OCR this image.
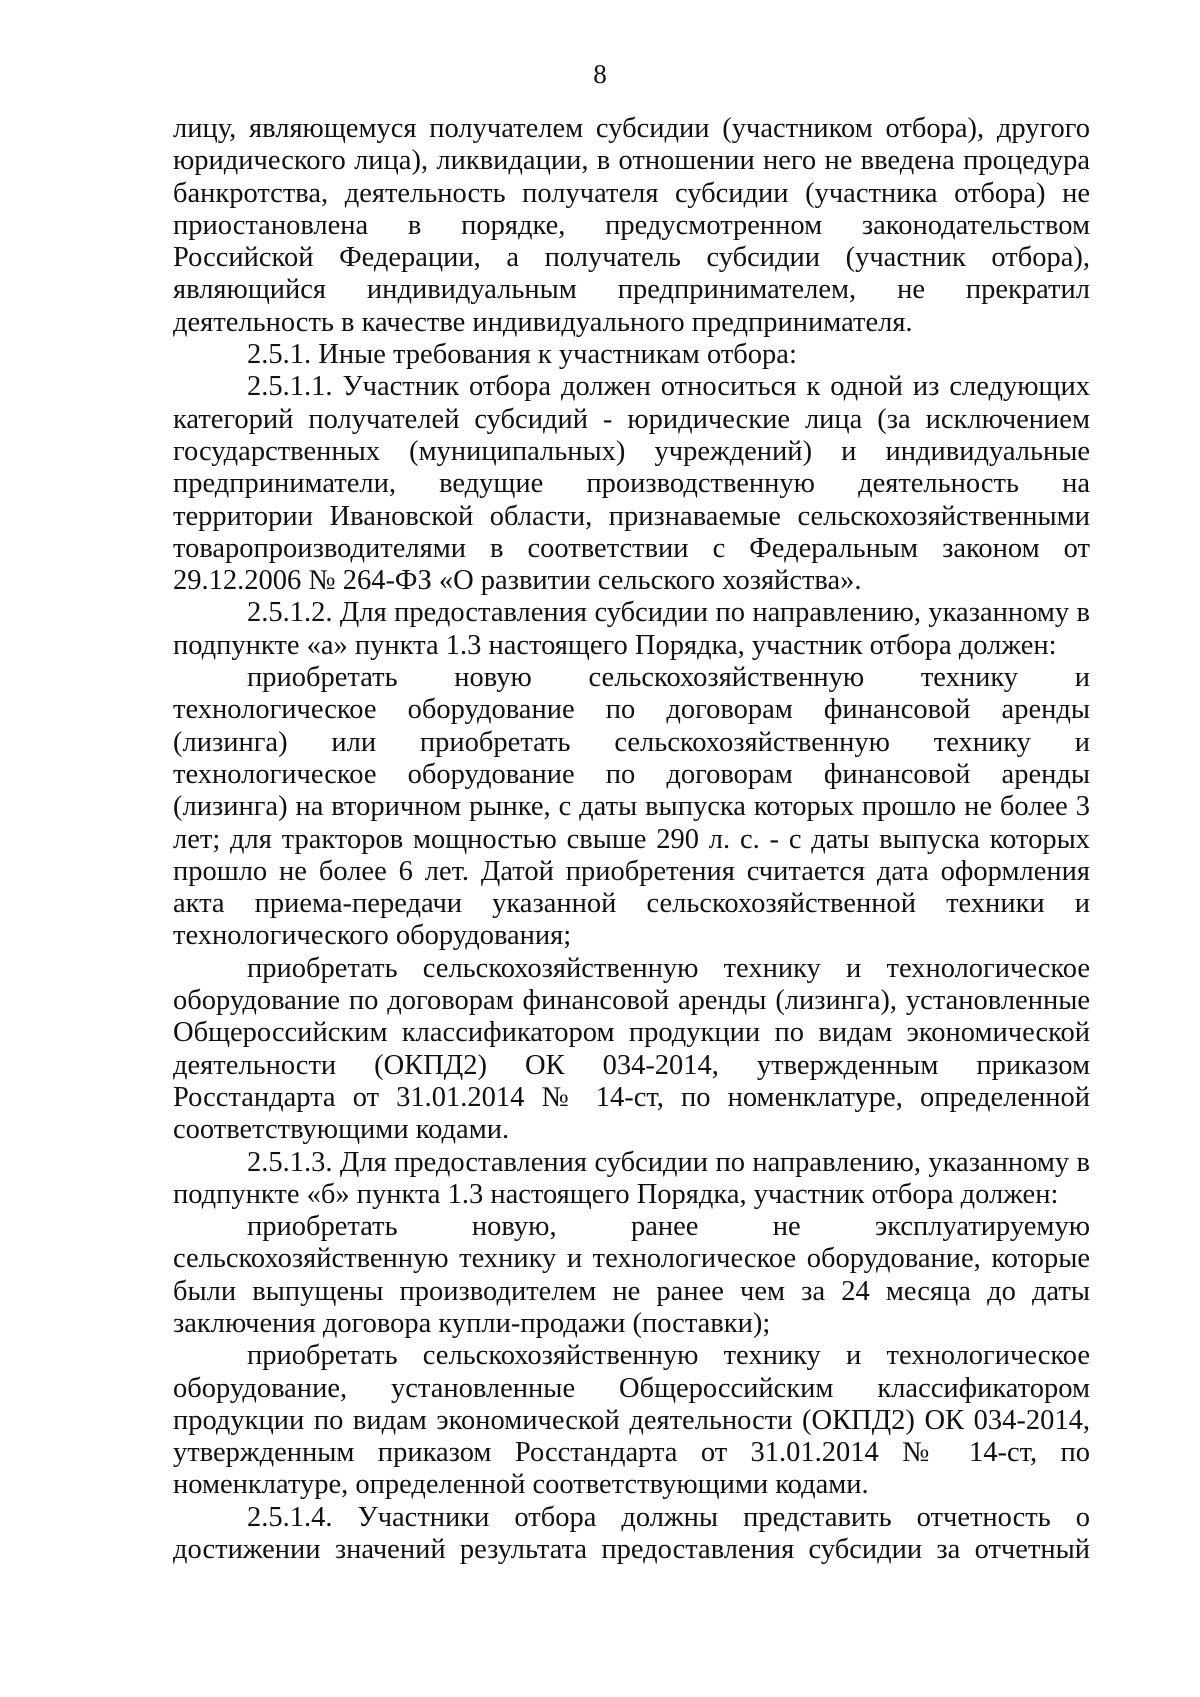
8

лицу, являющемуся получателем субсидии (участником отбора), другого юридического лица), ликвидации, в отношении него не введена процедура банкротства, деятельность получателя субсидии (участника отбора) не приостановлена в порядке, предусмотренном законодательством Российской Федерации, а получатель субсидии (участник отбора), являющийся индивидуальным предпринимателем, не прекратил деятельность в качестве индивидуального предпринимателя.

2.5.1. Иные требования к участникам отбора:

2.5.1.1. Участник отбора должен относиться к одной из следующих категорий получателей субсидий - юридические лица (за исключением государственных (муниципальных) учреждений) и индивидуальные предприниматели, ведущие производственную деятельность на территории Ивановской области, признаваемые сельскохозяйственными товаропроизводителями в соответствии с Федеральным законом от 29.12.2006 № 264-ФЗ «О развитии сельского хозяйства».

2.5.1.2. Для предоставления субсидии по направлению, указанному в подпункте «а» пункта 1.3 настоящего Порядка, участник отбора должен:

приобретать новую сельскохозяйственную технику и технологическое оборудование по договорам финансовой аренды (лизинга) или приобретать сельскохозяйственную технику и технологическое оборудование по договорам финансовой аренды (лизинга) на вторичном рынке, с даты выпуска которых прошло не более 3 лет; для тракторов мощностью свыше 290 л. с. - с даты выпуска которых прошло не более 6 лет. Датой приобретения считается дата оформления акта приема-передачи указанной сельскохозяйственной техники и технологического оборудования;

приобретать сельскохозяйственную технику и технологическое оборудование по договорам финансовой аренды (лизинга), установленные Общероссийским классификатором продукции по видам экономической деятельности (ОКПД2) ОК 034-2014, утвержденным приказом Росстандарта от 31.01.2014 № 14-ст, по номенклатуре, определенной соответствующими кодами.

2.5.1.3. Для предоставления субсидии по направлению, указанному в подпункте «б» пункта 1.3 настоящего Порядка, участник отбора должен:

приобретать новую, ранее не эксплуатируемую сельскохозяйственную технику и технологическое оборудование, которые были выпущены производителем не ранее чем за 24 месяца до даты заключения договора купли-продажи (поставки);

приобретать сельскохозяйственную технику и технологическое оборудование, установленные Общероссийским классификатором продукции по видам экономической деятельности (ОКПД2) ОК 034-2014, утвержденным приказом Росстандарта от 31.01.2014 № 14-ст, по номенклатуре, определенной соответствующими кодами.

2.5.1.4. Участники отбора должны представить отчетность о достижении значений результата предоставления субсидии за отчетный
